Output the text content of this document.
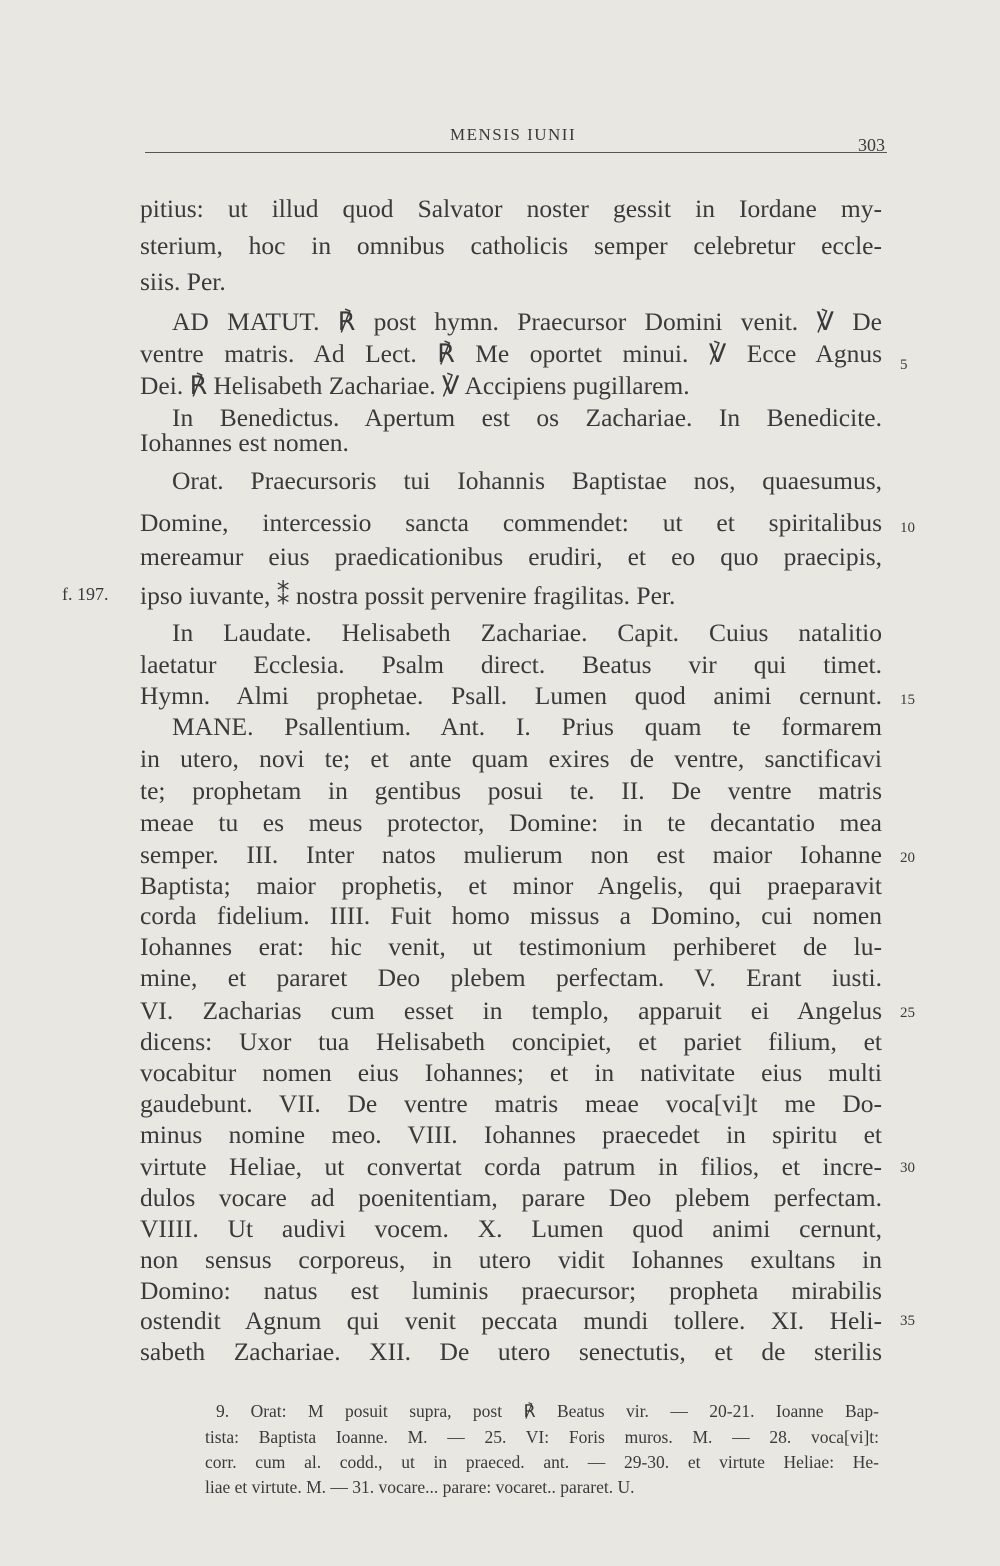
MENSIS IUNII
303
pitius: ut illud quod Salvator noster gessit in Iordane my-
sterium, hoc in omnibus catholicis semper celebretur eccle-
siis. Per.
AD MATUT. ℟ post hymn. Praecursor Domini venit. ℣ De
ventre matris. Ad Lect. ℟ Me oportet minui. ℣ Ecce Agnus
Dei. ℟ Helisabeth Zachariae. ℣ Accipiens pugillarem.
In Benedictus. Apertum est os Zachariae. In Benedicite.
Iohannes est nomen.
Orat. Praecursoris tui Iohannis Baptistae nos, quaesumus,
Domine, intercessio sancta commendet: ut et spiritalibus
mereamur eius praedicationibus erudiri, et eo quo praecipis,
ipso iuvante, ⁑ nostra possit pervenire fragilitas. Per.
In Laudate. Helisabeth Zachariae. Capit. Cuius natalitio
laetatur Ecclesia. Psalm direct. Beatus vir qui timet.
Hymn. Almi prophetae. Psall. Lumen quod animi cernunt.
MANE. Psallentium. Ant. I. Prius quam te formarem
in utero, novi te; et ante quam exires de ventre, sanctificavi
te; prophetam in gentibus posui te. II. De ventre matris
meae tu es meus protector, Domine: in te decantatio mea
semper. III. Inter natos mulierum non est maior Iohanne
Baptista; maior prophetis, et minor Angelis, qui praeparavit
corda fidelium. IIII. Fuit homo missus a Domino, cui nomen
Iohannes erat: hic venit, ut testimonium perhiberet de lu-
mine, et pararet Deo plebem perfectam. V. Erant iusti.
VI. Zacharias cum esset in templo, apparuit ei Angelus
dicens: Uxor tua Helisabeth concipiet, et pariet filium, et
vocabitur nomen eius Iohannes; et in nativitate eius multi
gaudebunt. VII. De ventre matris meae voca[vi]t me Do-
minus nomine meo. VIII. Iohannes praecedet in spiritu et
virtute Heliae, ut convertat corda patrum in filios, et incre-
dulos vocare ad poenitentiam, parare Deo plebem perfectam.
VIIII. Ut audivi vocem. X. Lumen quod animi cernunt,
non sensus corporeus, in utero vidit Iohannes exultans in
Domino: natus est luminis praecursor; propheta mirabilis
ostendit Agnum qui venit peccata mundi tollere. XI. Heli-
sabeth Zachariae. XII. De utero senectutis, et de sterilis
5
10
15
20
25
30
35
f. 197.
9. Orat: M posuit supra, post ℟ Beatus vir. — 20-21. Ioanne Bap-
tista: Baptista Ioanne. M. — 25. VI: Foris muros. M. — 28. voca[vi]t:
corr. cum al. codd., ut in praeced. ant. — 29-30. et virtute Heliae: He-
liae et virtute. M. — 31. vocare... parare: vocaret.. pararet. U.
